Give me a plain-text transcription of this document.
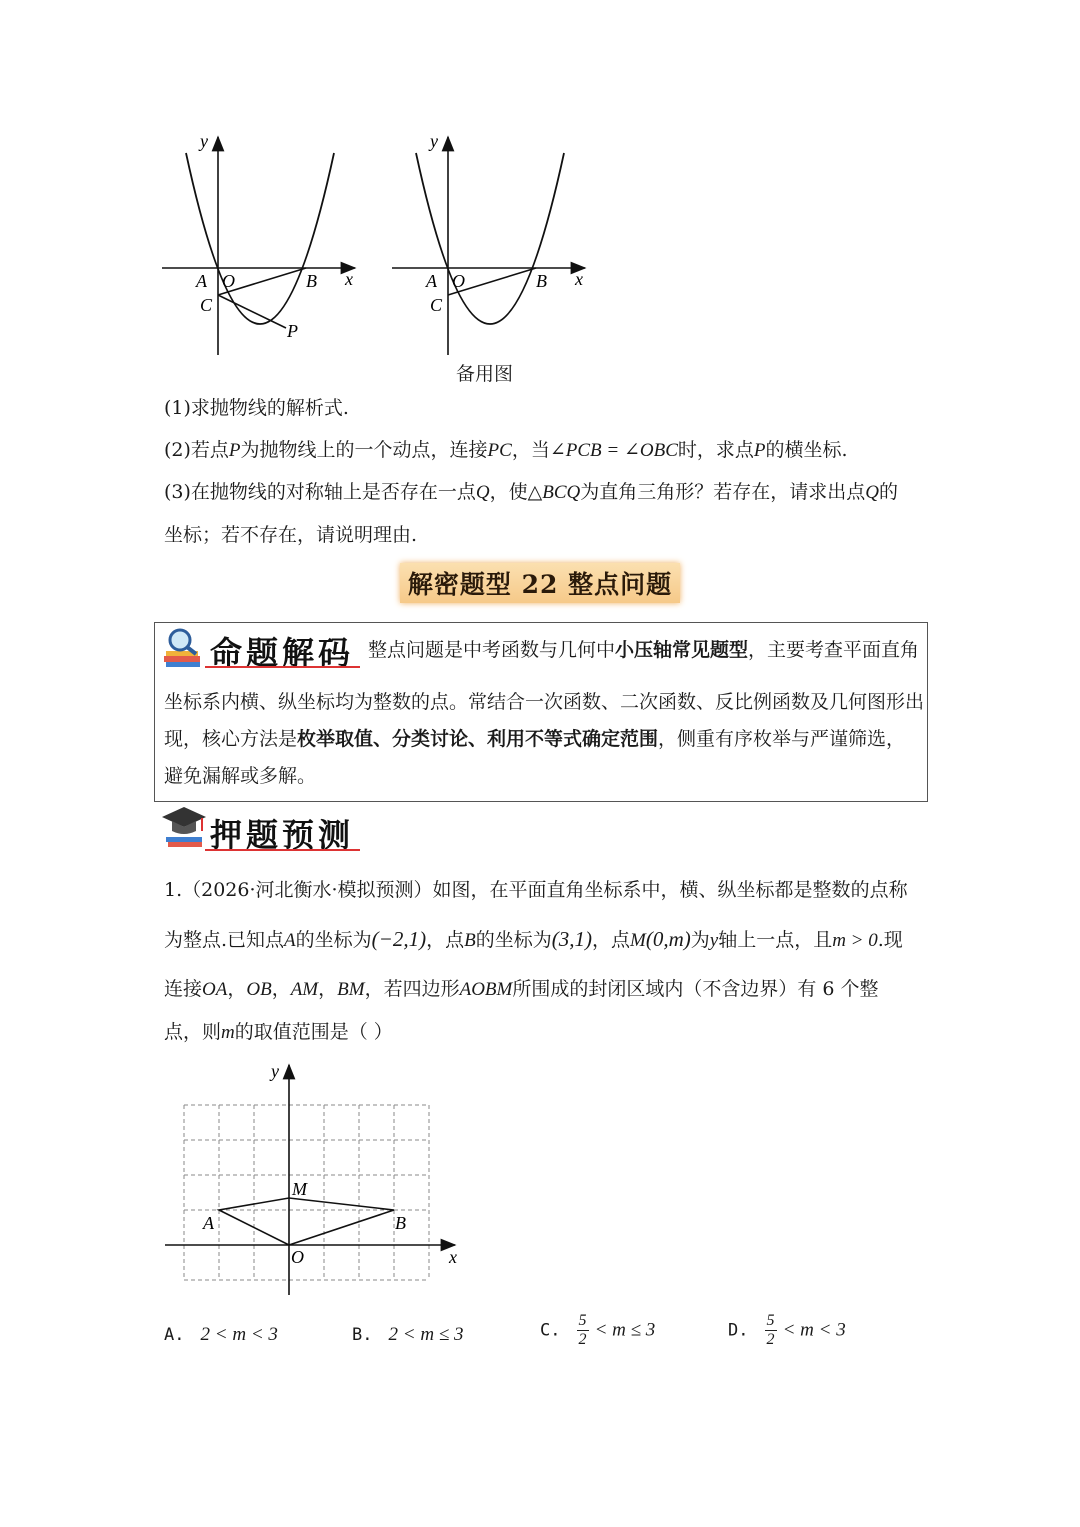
y
x
A O	B
C
P
y
x
A O	B
C
备用图
(1)求抛物线的解析式.
(2)若点P为抛物线上的一个动点，连接PC，当∠PCB = ∠OBC时，求点P的横坐标.
(3)在抛物线的对称轴上是否存在一点Q，使△BCQ为直角三角形？若存在，请求出点Q的
坐标；若不存在，请说明理由.
解密题型 22 整点问题
命题解码 整点问题是中考函数与几何中小压轴常见题型，主要考查平面直角
坐标系内横、纵坐标均为整数的点。常结合一次函数、二次函数、反比例函数及几何图形出
现，核心方法是枚举取值、分类讨论、利用不等式确定范围，侧重有序枚举与严谨筛选，
避免漏解或多解。
押题预测
1.（2026·河北衡水·模拟预测）如图，在平面直角坐标系中，横、纵坐标都是整数的点称
为整点.已知点A的坐标为(−2,1)，点B的坐标为(3,1)，点M(0,m)为y轴上一点，且m > 0.现
连接OA，OB，AM，BM，若四边形AOBM所围成的封闭区域内（不含边界）有 6 个整
点，则m的取值范围是（ ）
y
x
A
O
B
M
A. 2 < m < 3	B. 2 < m ≤ 3	C. $\frac{5}{2} < m \le 3$	D. $\frac{5}{2} < m < 3$
